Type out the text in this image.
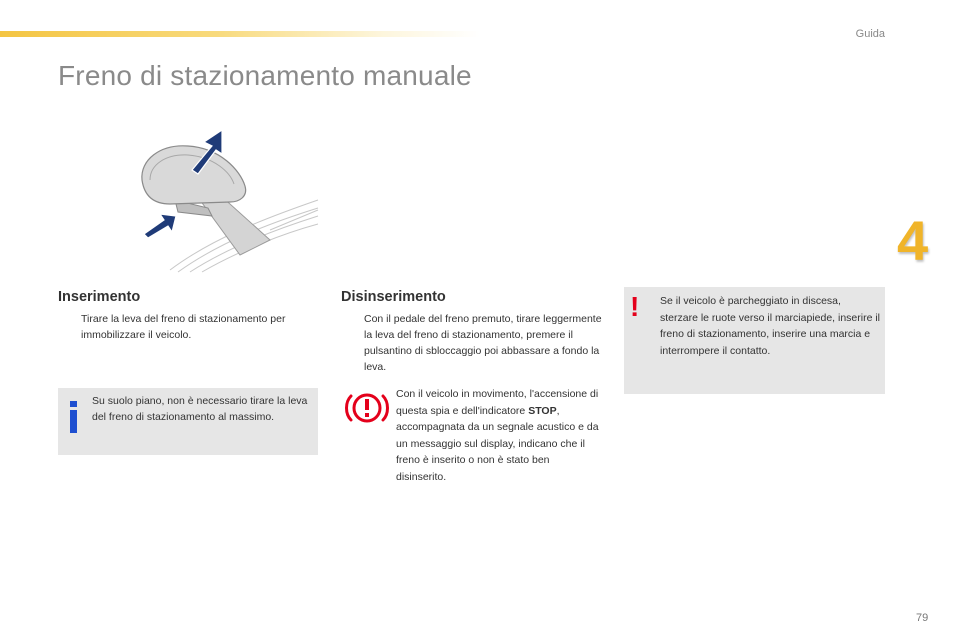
Guida
Freno di stazionamento manuale
4
Inserimento
Tirare la leva del freno di stazionamento per immobilizzare il veicolo.
Su suolo piano, non è necessario tirare la leva del freno di stazionamento al massimo.
Disinserimento
Con il pedale del freno premuto, tirare leggermente la leva del freno di stazionamento, premere il pulsantino di sbloccaggio poi abbassare a fondo la leva.
Con il veicolo in movimento, l'accensione di questa spia e dell'indicatore STOP, accompagnata da un segnale acustico e da un messaggio sul display, indicano che il freno è inserito o non è stato ben disinserito.
! Se il veicolo è parcheggiato in discesa, sterzare le ruote verso il marciapiede, inserire il freno di stazionamento, inserire una marcia e interrompere il contatto.
79
